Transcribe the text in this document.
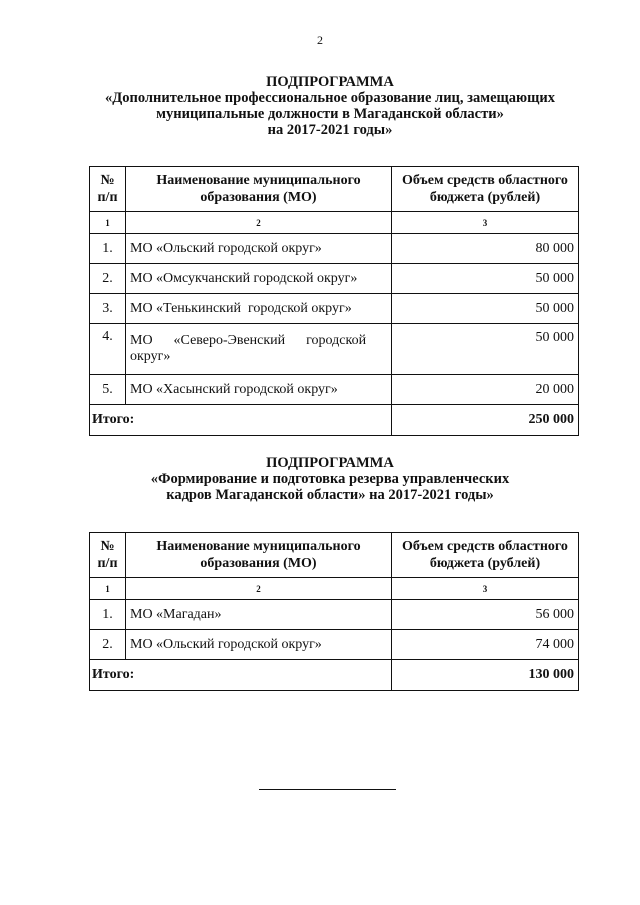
2
ПОДПРОГРАММА
«Дополнительное профессиональное образование лиц, замещающих
муниципальные должности в Магаданской области»
на 2017-2021 годы»
№
п/п	Наименование муниципального образования (МО)	Объем средств областного бюджета (рублей)
1	2	3
1.	МО «Ольский городской округ»	80 000
2.	МО «Омсукчанский городской округ»	50 000
3.	МО «Тенькинский  городской округ»	50 000
4.	МО      «Северо-Эвенский      городской округ»	50 000
5.	МО «Хасынский городской округ»	20 000
Итого:		250 000
ПОДПРОГРАММА
«Формирование и подготовка резерва управленческих
кадров Магаданской области» на 2017-2021 годы»
№
п/п	Наименование муниципального образования (МО)	Объем средств областного бюджета (рублей)
1	2	3
1.	МО «Магадан»	56 000
2.	МО «Ольский городской округ»	74 000
Итого:		130 000
